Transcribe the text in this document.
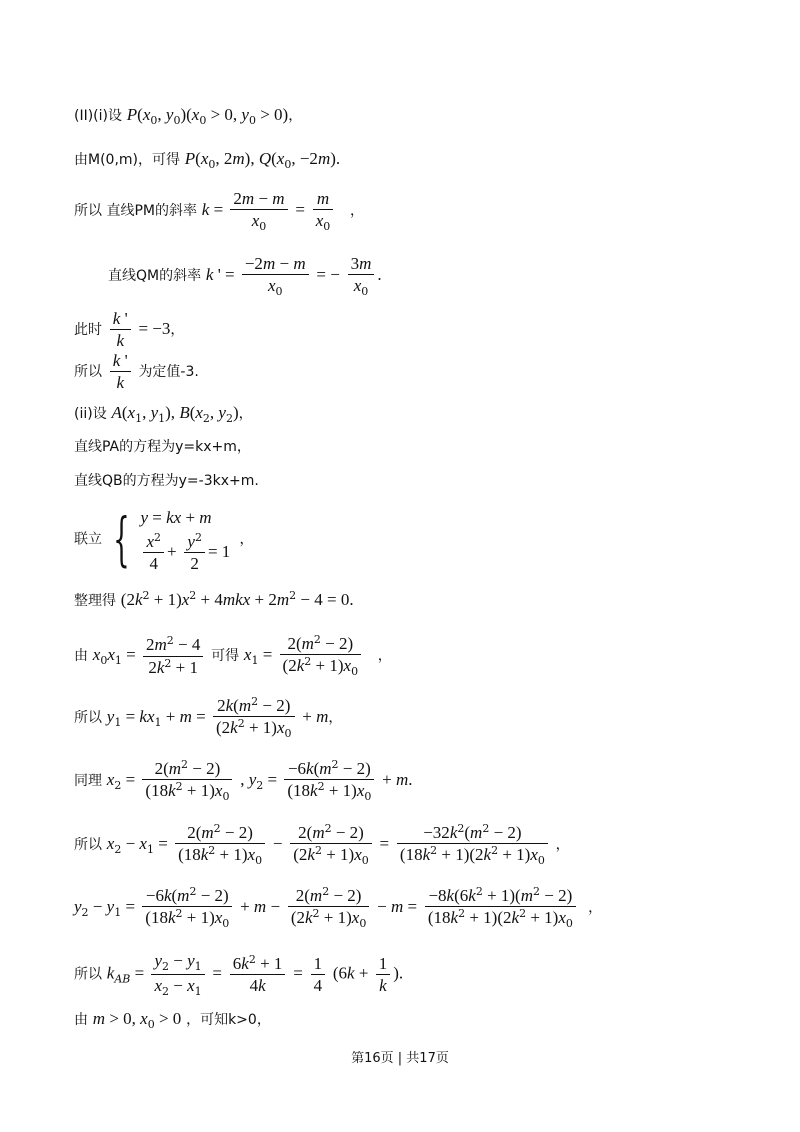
(II)(i)设 $P(x_0$, $y_0)(x_0 > 0$, $y_0 > 0$)，
由M(0,m)，可得 $P(x_0$, 2m), $Q(x_0$, −2m).
所以 直线PM的斜率 $k = \frac{2m - m}{x_0} = \frac{m}{x_0}$ ，
直线QM的斜率 k ' = $\frac{-2m - m}{x_0}$ = − $\frac{3m}{x_0}$ .
此时 $\frac{k '}{k} = -3$，
所以 $\frac{k '}{k}$ 为定值-3.
(ii)设 $A(x_1$, $y_1$), $B(x_2$, $y_2$)，
直线PA的方程为y=kx+m，
直线QB的方程为y=-3kx+m.
联立 { y = kx + m
$\frac{x^2}{4} + \frac{y^2}{2} = 1$
，
整理得 $(2k^2 + 1)x^2 + 4mkx + 2m^2 - 4 = 0$.
由 $x_0x_1 = \frac{2m^2 - 4}{2k^2 + 1}$ 可得 $x_1 = \frac{2(m^2 - 2)}{(2k^2 + 1)x_0}$ ，
所以 $y_1 = kx_1 + m = \frac{2k(m^2 - 2)}{(2k^2 + 1)x_0} + m$，
同理 $x_2 = \frac{2(m^2 - 2)}{(18k^2 + 1)x_0}$ , $y_2 = \frac{-6k(m^2 - 2)}{(18k^2 + 1)x_0} + m$.
所以 $x_2 - x_1 = \frac{2(m^2 - 2)}{(18k^2 + 1)x_0} - \frac{2(m^2 - 2)}{(2k^2 + 1)x_0} = \frac{-32k^2(m^2 - 2)}{(18k^2 + 1)(2k^2 + 1)x_0}$ ，
$y_2 - y_1 = \frac{-6k(m^2 - 2)}{(18k^2 + 1)x_0} + m - \frac{2(m^2 - 2)}{(2k^2 + 1)x_0} - m = \frac{-8k(6k^2 + 1)(m^2 - 2)}{(18k^2 + 1)(2k^2 + 1)x_0}$ ，
所以 $k_{AB} = \frac{y_2 - y_1}{x_2 - x_1} = \frac{6k^2 + 1}{4k} = \frac{1}{4} (6k + \frac{1}{k}$ ).
由 m > 0, $x_0 > 0$ ，可知k>0，
第16页 | 共17页
